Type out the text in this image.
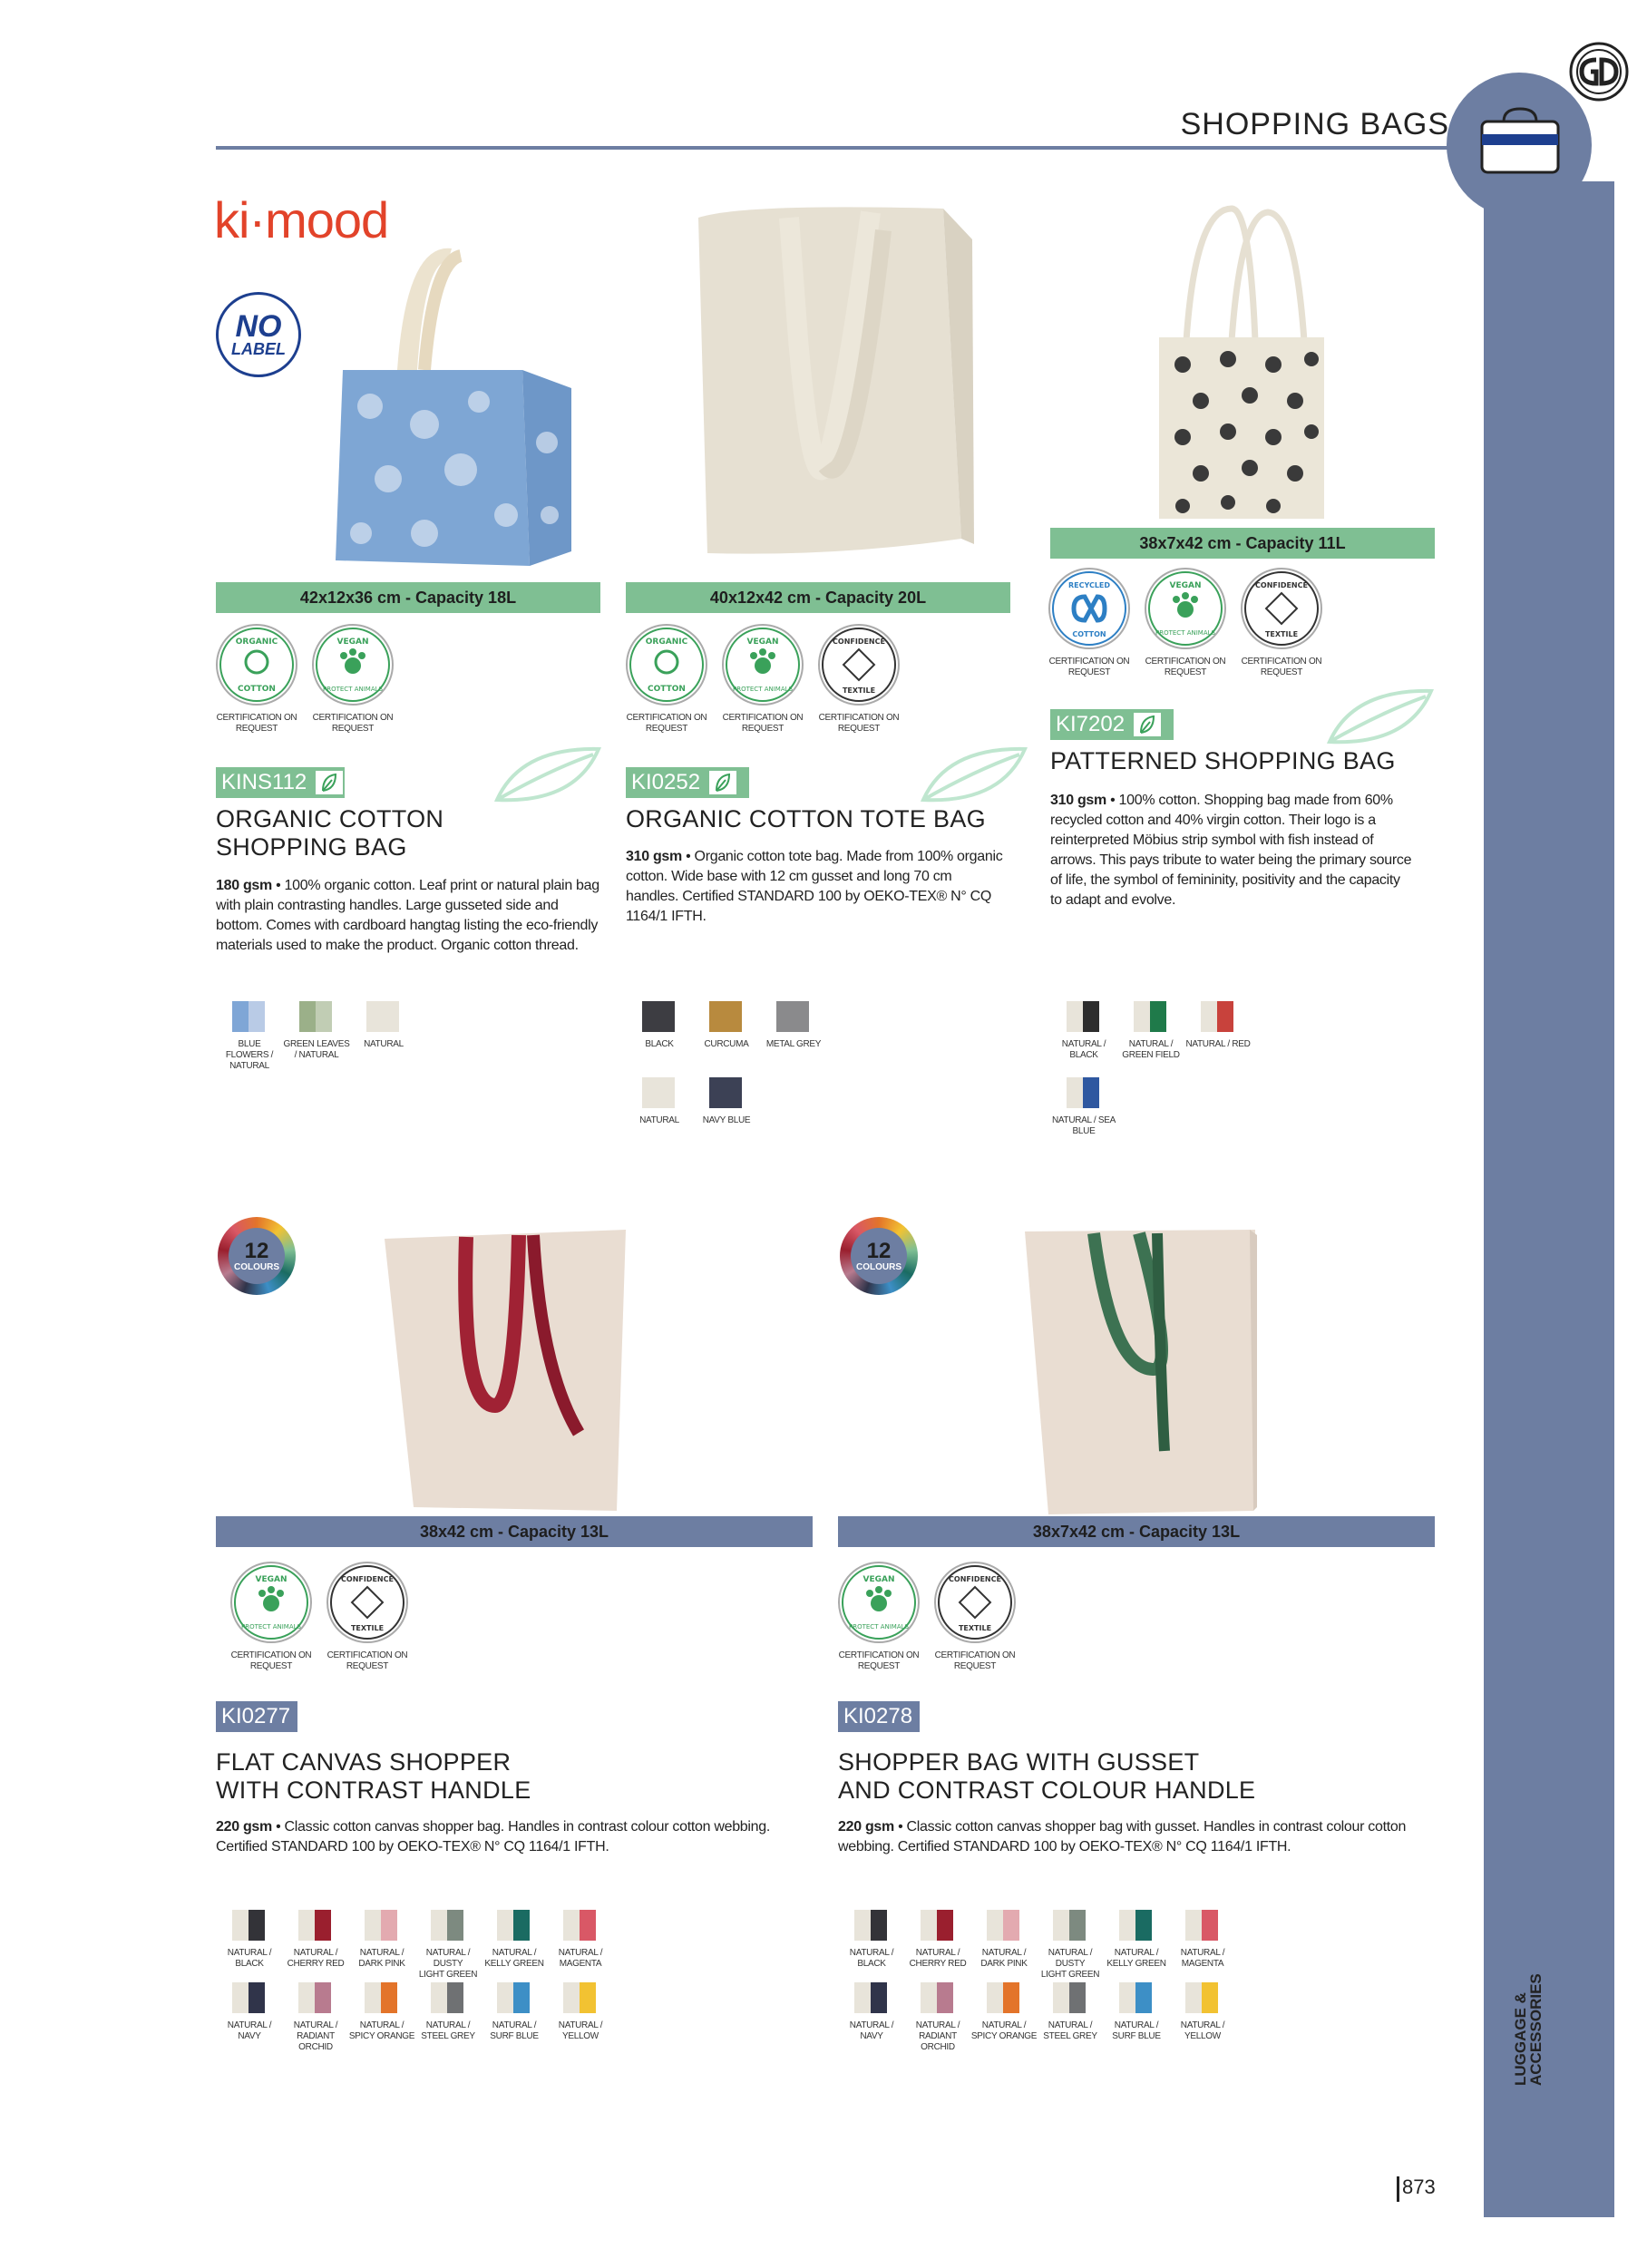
SHOPPING BAGS
LUGGAGE &
ACCESSORIES
873
ki·mood
NO
LABEL
42x12x36 cm - Capacity 18L	40x12x42 cm - Capacity 20L
38x7x42 cm - Capacity 11L
ORGANIC
COTTON
VEGAN
PROTECT ANIMALS
CERTIFICATION ON REQUEST
CERTIFICATION ON REQUEST
ORGANIC
COTTON
VEGAN
PROTECT ANIMALS
CONFIDENCE
TEXTILE
CERTIFICATION ON REQUEST
CERTIFICATION ON REQUEST
CERTIFICATION ON REQUEST
RECYCLED
COTTON
VEGAN
PROTECT ANIMALS
CONFIDENCE
TEXTILE
CERTIFICATION ON REQUEST
CERTIFICATION ON REQUEST
CERTIFICATION ON REQUEST
KINS112	KI0252
KI7202
ORGANIC COTTON
SHOPPING BAG
ORGANIC COTTON TOTE BAG
PATTERNED SHOPPING BAG
180 gsm • 100% organic cotton. Leaf print or natural plain bag with plain contrasting handles. Large gusseted side and bottom. Comes with cardboard hangtag listing the eco-friendly materials used to make the product. Organic cotton thread.
310 gsm • Organic cotton tote bag. Made from 100% organic cotton. Wide base with 12 cm gusset and long 70 cm handles. Certified STANDARD 100 by OEKO-TEX® N° CQ 1164/1 IFTH.
310 gsm • 100% cotton. Shopping bag made from 60% recycled cotton and 40% virgin cotton. Their logo is a reinterpreted Möbius strip symbol with fish instead of arrows. This pays tribute to water being the primary source of life, the symbol of femininity, positivity and the capacity to adapt and evolve.
BLUE FLOWERS / NATURAL
GREEN LEAVES / NATURAL
NATURAL	BLACK	CURCUMA	METAL GREY
NATURAL	NAVY BLUE
NATURAL / BLACK
NATURAL / GREEN FIELD
NATURAL / RED
NATURAL / SEA BLUE
12
COLOURS
12
COLOURS
38x42 cm - Capacity 13L	38x7x42 cm - Capacity 13L
VEGAN
PROTECT ANIMALS
CONFIDENCE
TEXTILE
CERTIFICATION ON REQUEST
CERTIFICATION ON REQUEST
VEGAN
PROTECT ANIMALS
CONFIDENCE
TEXTILE
CERTIFICATION ON REQUEST
CERTIFICATION ON REQUEST
KI0277	KI0278
FLAT CANVAS SHOPPER
WITH CONTRAST HANDLE
SHOPPER BAG WITH GUSSET
AND CONTRAST COLOUR HANDLE
220 gsm • Classic cotton canvas shopper bag. Handles in contrast colour cotton webbing. Certified STANDARD 100 by OEKO-TEX® N° CQ 1164/1 IFTH.
220 gsm • Classic cotton canvas shopper bag with gusset. Handles in contrast colour cotton webbing. Certified STANDARD 100 by OEKO-TEX® N° CQ 1164/1 IFTH.
NATURAL /
BLACK
NATURAL /
CHERRY RED
NATURAL /
DARK PINK
NATURAL / DUSTY
LIGHT GREEN
NATURAL /
KELLY GREEN
NATURAL /
MAGENTA
NATURAL /
NAVY
NATURAL /
RADIANT ORCHID
NATURAL /
SPICY ORANGE
NATURAL /
STEEL GREY
NATURAL /
SURF BLUE
NATURAL /
YELLOW
NATURAL /
BLACK
NATURAL /
CHERRY RED
NATURAL /
DARK PINK
NATURAL / DUSTY
LIGHT GREEN
NATURAL /
KELLY GREEN
NATURAL /
MAGENTA
NATURAL /
NAVY
NATURAL /
RADIANT ORCHID
NATURAL /
SPICY ORANGE
NATURAL /
STEEL GREY
NATURAL /
SURF BLUE
NATURAL /
YELLOW
